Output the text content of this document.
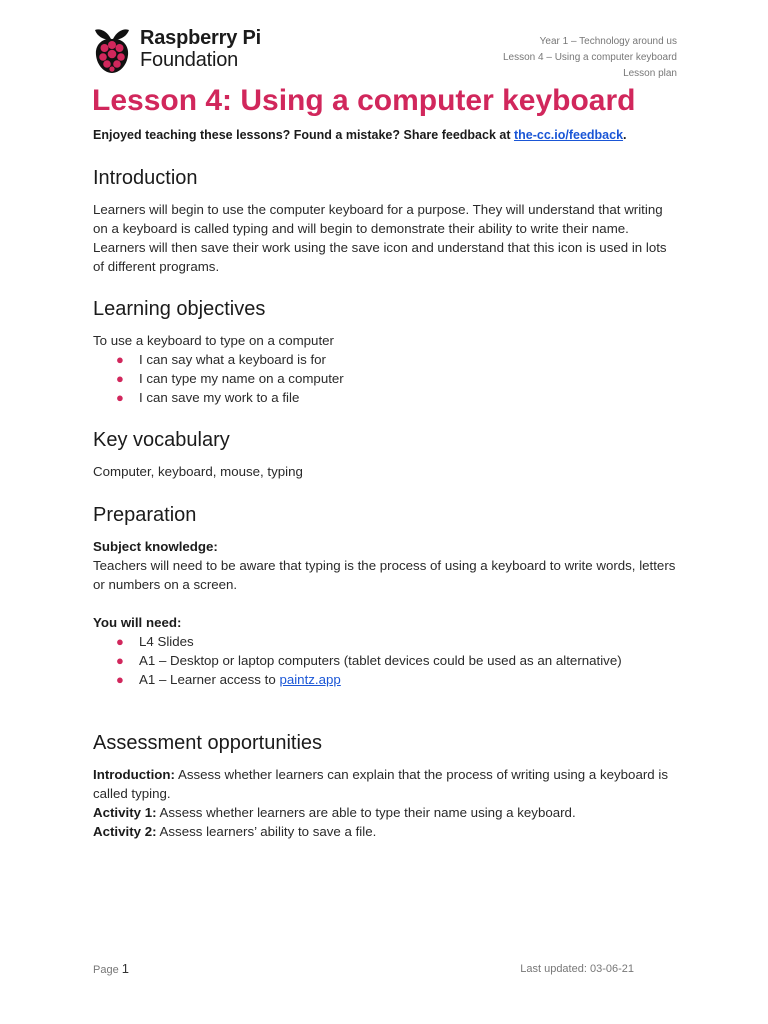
Raspberry Pi
Foundation
Year 1 – Technology around us
Lesson 4 – Using a computer keyboard
Lesson plan
Lesson 4: Using a computer keyboard
Enjoyed teaching these lessons? Found a mistake? Share feedback at the-cc.io/feedback.
Introduction

Learners will begin to use the computer keyboard for a purpose. They will understand that writing on a keyboard is called typing and will begin to demonstrate their ability to write their name. Learners will then save their work using the save icon and understand that this icon is used in lots of different programs.

Learning objectives

To use a keyboard to type on a computer

● I can say what a keyboard is for
● I can type my name on a computer
● I can save my work to a file
Key vocabulary

Computer, keyboard, mouse, typing

Preparation

Subject knowledge:

Teachers will need to be aware that typing is the process of using a keyboard to write words, letters or numbers on a screen.

You will need:

● L4 Slides
● A1 – Desktop or laptop computers (tablet devices could be used as an alternative)
● A1 – Learner access to paintz.app
Assessment opportunities

Introduction: Assess whether learners can explain that the process of writing using a keyboard is called typing.

Activity 1: Assess whether learners are able to type their name using a keyboard.

Activity 2: Assess learners’ ability to save a file.

Page 1	Last updated: 03-06-21
